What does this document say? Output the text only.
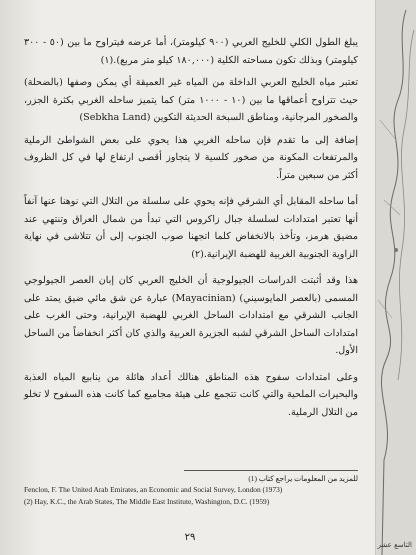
التاسع عشر

يبلغ الطول الكلي للخليج العربي (٩٠٠ كيلومتر)، أما عرضه فيتراوح ما بين (٥٠ - ٣٠٠ كيلومتر) وبذلك تكون مساحته الكلية (١٨٠,٠٠٠ كيلو متر مربع).(١)

تعتبر مياه الخليج العربي الداخلة من المياه غير العميقة أي يمكن وصفها (بالضحلة) حيث تتراوح أعماقها ما بين (١٠ - ١٠٠٠ متر) كما يتميز ساحله الغربي بكثرة الجزر، والصخور المرجانية، ومناطق السبخة الحديثة التكوين (Sebkha Land)

إضافة إلى ما تقدم فإن ساحله الغربي هذا يحوي على بعض الشواطئ الرملية والمرتفعات المكونة من صخور كلسية لا يتجاوز أقصى ارتفاع لها في كل الظروف أكثر من سبعين متراً.

أما ساحله المقابل أي الشرقي فإنه يحوي على سلسلة من التلال التي نوهنا عنها آنفاً أنها تعتبر امتدادات لسلسلة جبال زاكروس التي تبدأ من شمال العراق وتنتهي عند مضيق هرمز، وتأخذ بالانخفاض كلما اتجهنا صوب الجنوب إلى أن تتلاشى في نهاية الزاوية الجنوبية الغربية للهضبة الإيرانية.(٢)

هذا وقد أثبتت الدراسات الجيولوجية أن الخليج العربي كان إبان العصر الجيولوجي المسمى (بالعصر المايوسيني) (Mayacinian) عبارة عن شق مائي ضيق يمتد على الجانب الشرقي مع امتدادات الساحل الغربي للهضبة الإيرانية، وحتى الغرب على امتدادات الساحل الشرقي لشبه الجزيرة العربية والذي كان أكثر انخفاضاً من الساحل الأول.

وعلى امتدادات سفوح هذه المناطق هنالك أعداد هائلة من ينابيع المياه العذبة والبحيرات الملحية والتي كانت تتجمع على هيئة مجاميع كما كانت هذه السفوح لا تخلو من التلال الرملية.

(1) للمزيد من المعلومات يراجع كتاب
Fenclon, F. The United Arab Emirates, an Economic and Social Survey, London (1973)
(2) Hay, K.C., the Arab States, The Middle East Institute, Washington, D.C. (1959)
٢٩
